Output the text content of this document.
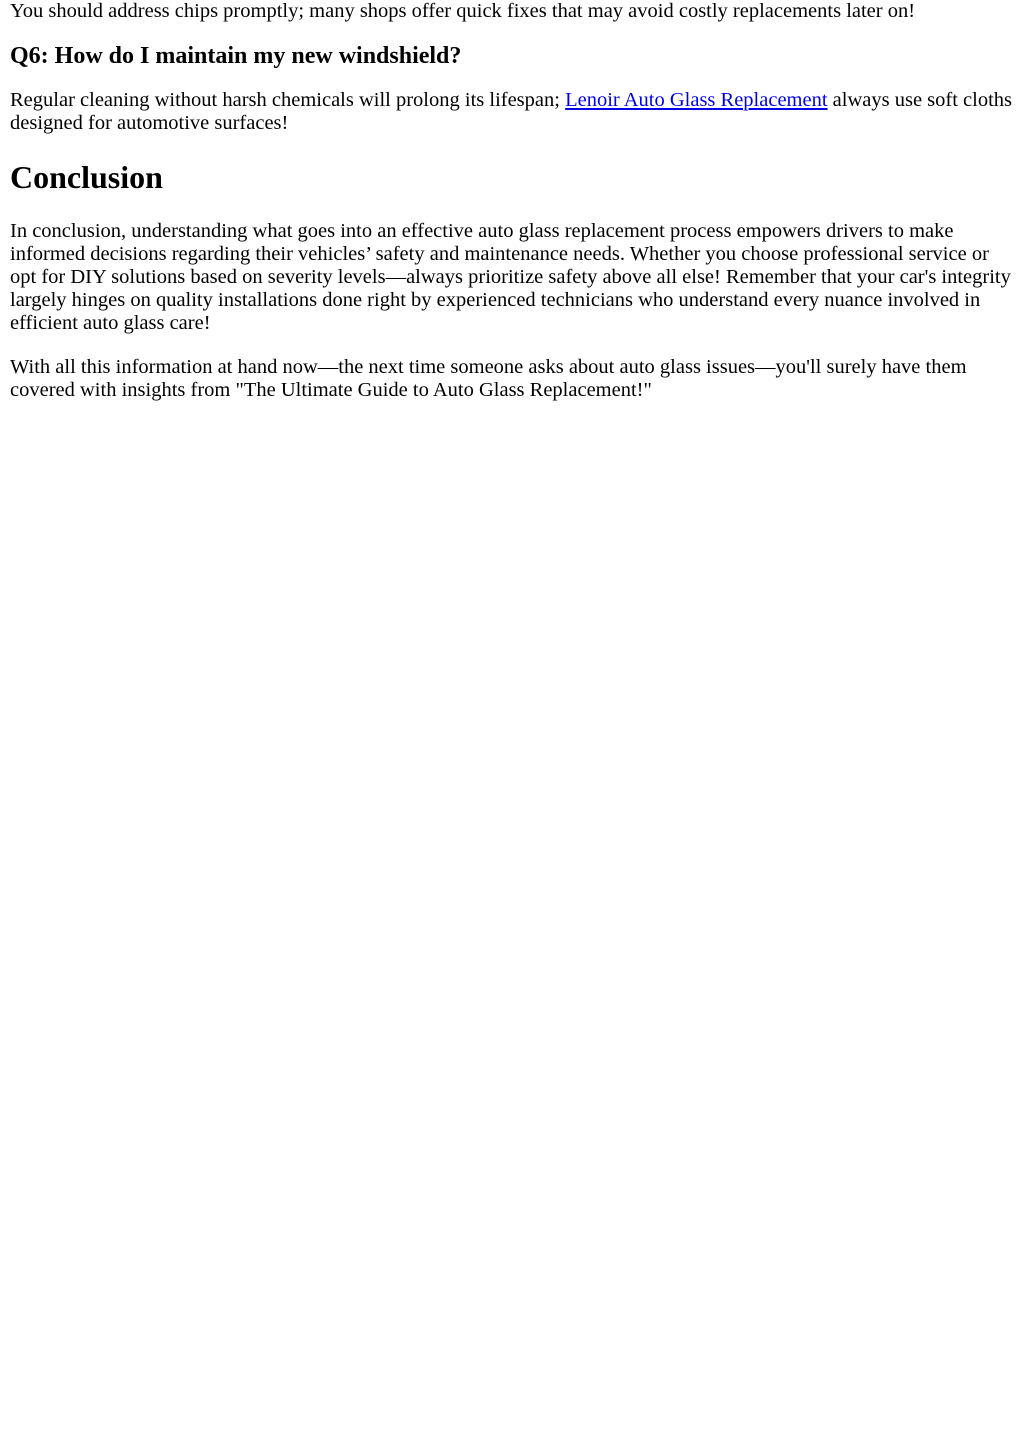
You should address chips promptly; many shops offer quick fixes that may avoid costly replacements later on!

Q6: How do I maintain my new windshield?

Regular cleaning without harsh chemicals will prolong its lifespan; Lenoir Auto Glass Replacement always use soft cloths designed for automotive surfaces!

Conclusion

In conclusion, understanding what goes into an effective auto glass replacement process empowers drivers to make informed decisions regarding their vehicles’ safety and maintenance needs. Whether you choose professional service or opt for DIY solutions based on severity levels—always prioritize safety above all else! Remember that your car's integrity largely hinges on quality installations done right by experienced technicians who understand every nuance involved in efficient auto glass care!

With all this information at hand now—the next time someone asks about auto glass issues—you'll surely have them covered with insights from "The Ultimate Guide to Auto Glass Replacement!"
